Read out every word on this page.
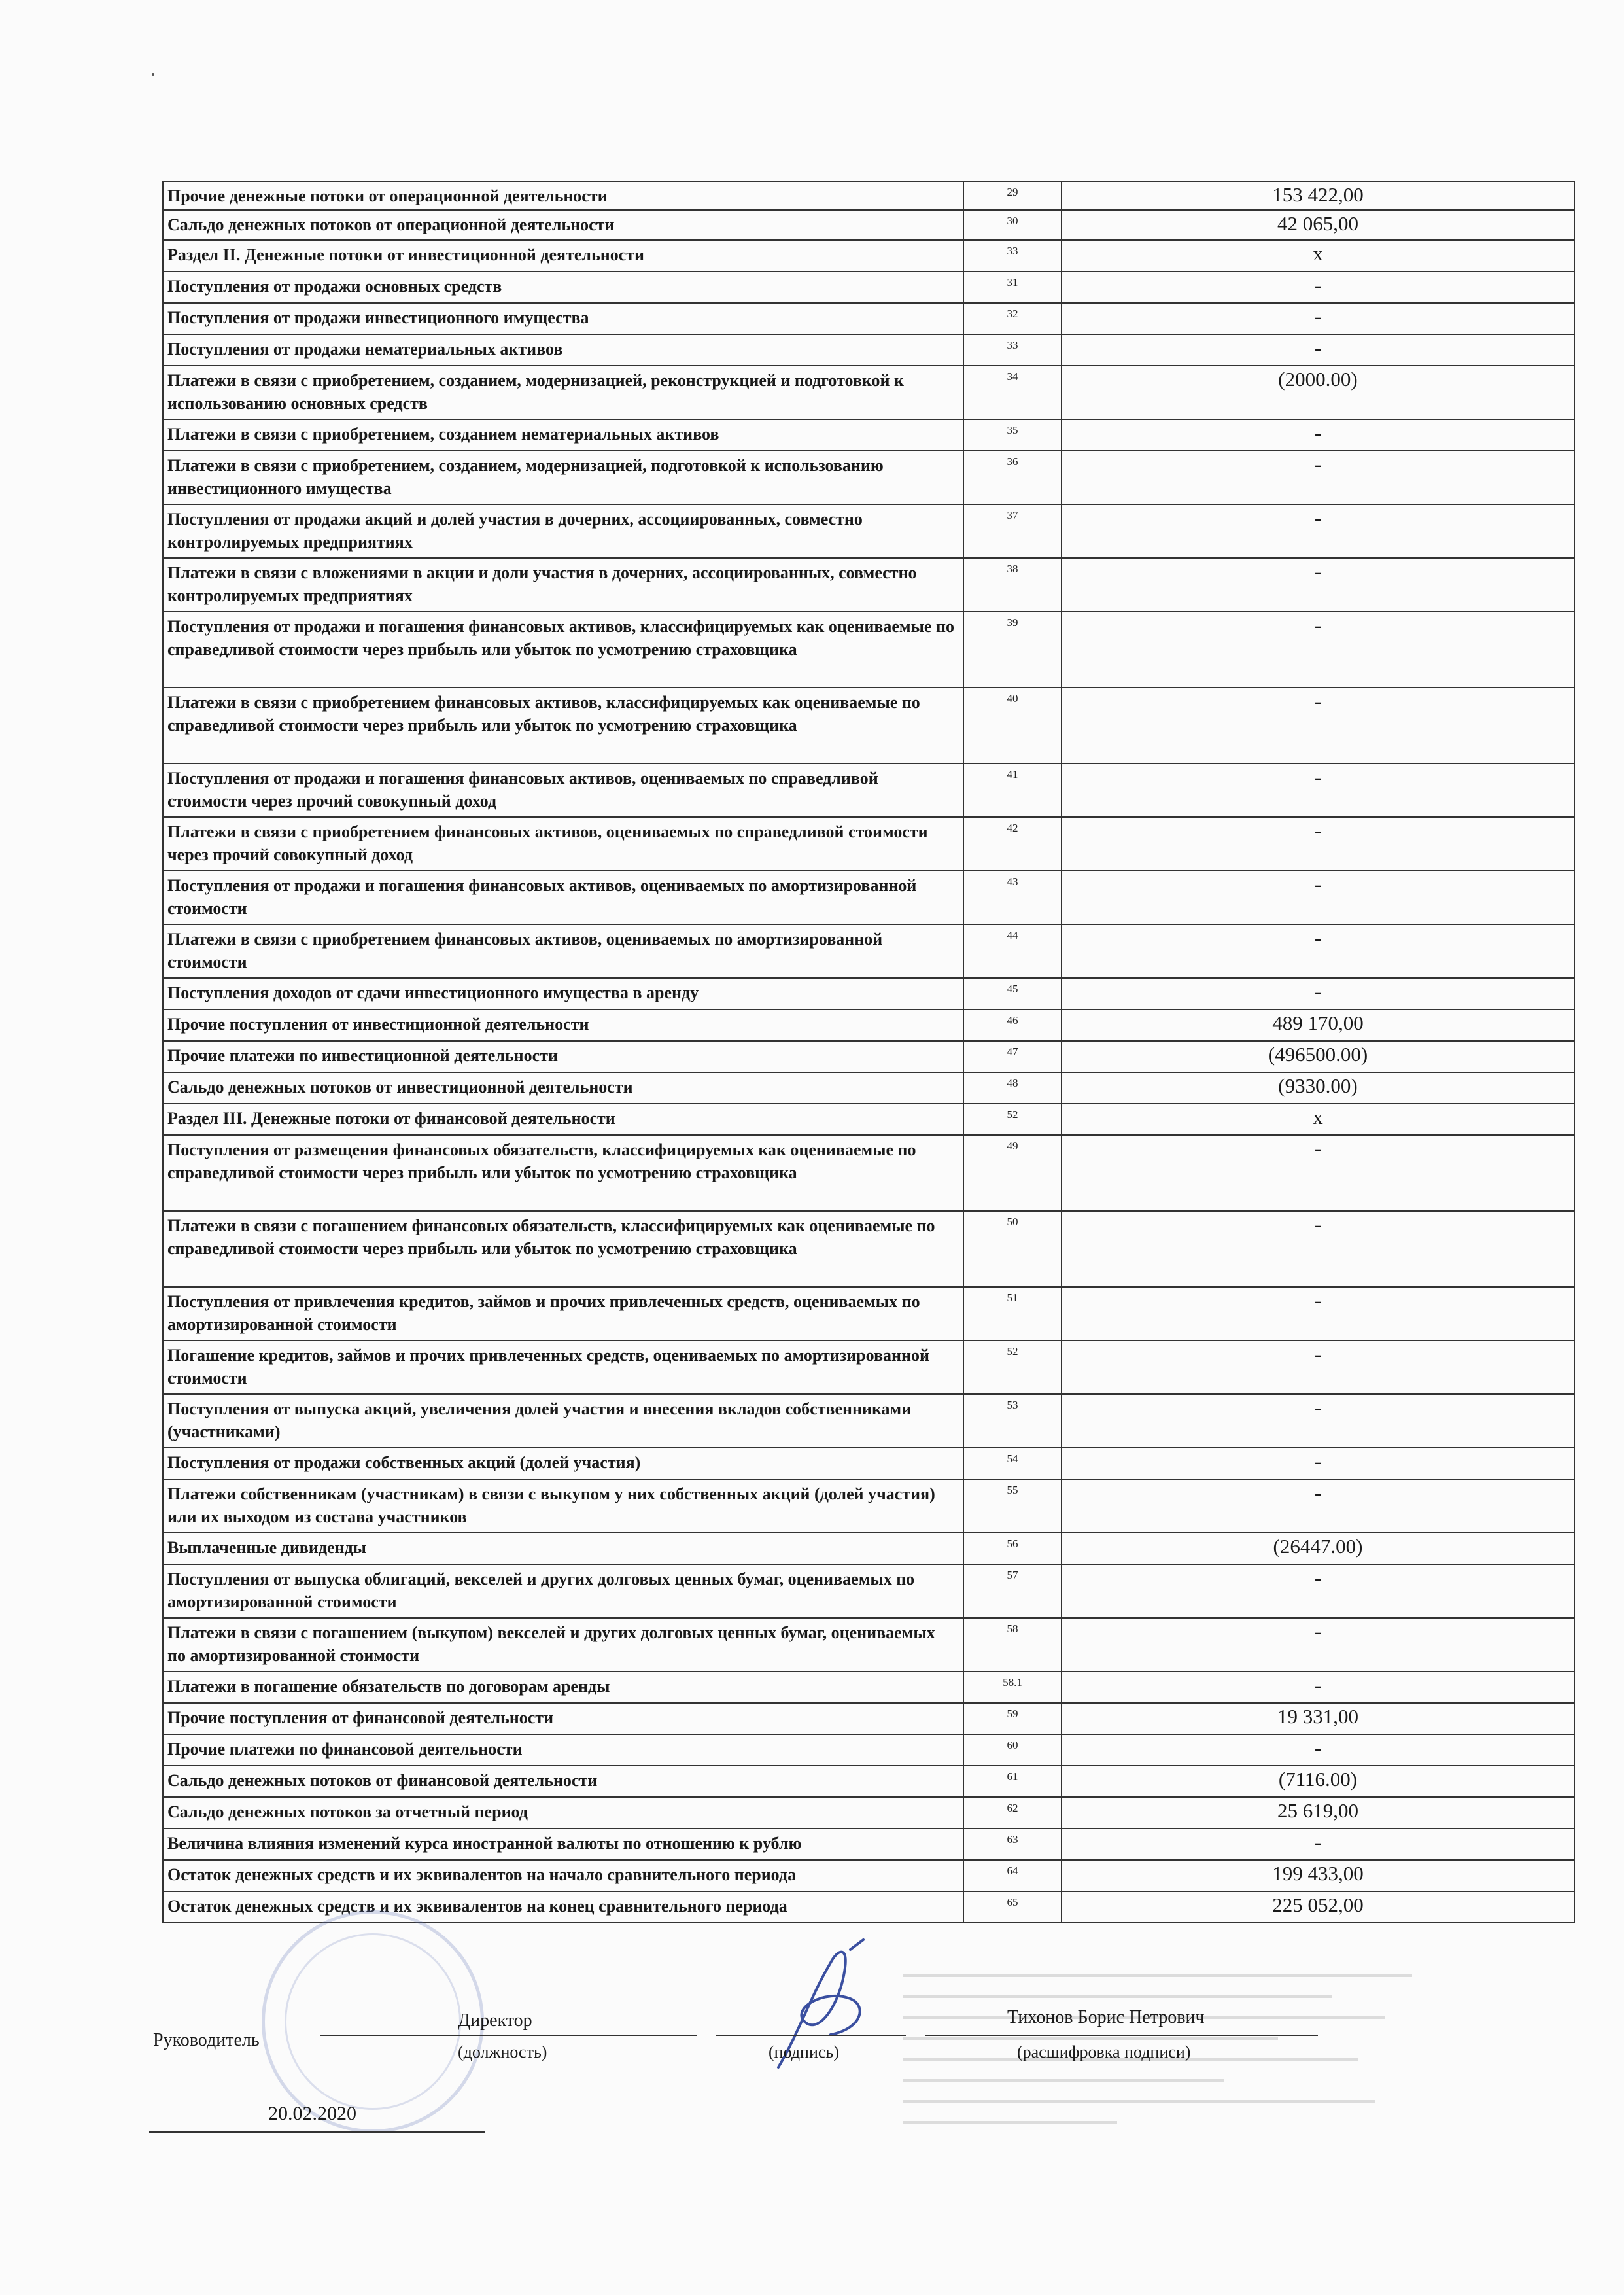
Прочие денежные потоки от операционной деятельности	29	153 422,00
Сальдо денежных потоков от операционной деятельности	30	42 065,00
Раздел II. Денежные потоки от инвестиционной деятельности	33	х
Поступления от продажи основных средств	31	-
Поступления от продажи инвестиционного имущества	32	-
Поступления от продажи нематериальных активов	33	-
Платежи в связи с приобретением, созданием, модернизацией, реконструкцией и подготовкой к использованию основных средств	34	(2000.00)
Платежи в связи с приобретением, созданием нематериальных активов	35	-
Платежи в связи с приобретением, созданием, модернизацией, подготовкой к использованию инвестиционного имущества	36	-
Поступления от продажи акций и долей участия в дочерних, ассоциированных, совместно контролируемых предприятиях	37	-
Платежи в связи с вложениями в акции и доли участия в дочерних, ассоциированных, совместно контролируемых предприятиях	38	-
Поступления от продажи и погашения финансовых активов, классифицируемых как оцениваемые по справедливой стоимости через прибыль или убыток по усмотрению страховщика	39	-
Платежи в связи с приобретением финансовых активов, классифицируемых как оцениваемые по справедливой стоимости через прибыль или убыток по усмотрению страховщика	40	-
Поступления от продажи и погашения финансовых активов, оцениваемых по справедливой стоимости через прочий совокупный доход	41	-
Платежи в связи с приобретением финансовых активов, оцениваемых по справедливой стоимости через прочий совокупный доход	42	-
Поступления от продажи и погашения финансовых активов, оцениваемых по амортизированной стоимости	43	-
Платежи в связи с приобретением финансовых активов, оцениваемых по амортизированной стоимости	44	-
Поступления доходов от сдачи инвестиционного имущества в аренду	45	-
Прочие поступления от инвестиционной деятельности	46	489 170,00
Прочие платежи по инвестиционной деятельности	47	(496500.00)
Сальдо денежных потоков от инвестиционной деятельности	48	(9330.00)
Раздел III. Денежные потоки от финансовой деятельности	52	х
Поступления от размещения финансовых обязательств, классифицируемых как оцениваемые по справедливой стоимости через прибыль или убыток по усмотрению страховщика	49	-
Платежи в связи с погашением финансовых обязательств, классифицируемых как оцениваемые по справедливой стоимости через прибыль или убыток по усмотрению страховщика	50	-
Поступления от привлечения кредитов, займов и прочих привлеченных средств, оцениваемых по амортизированной стоимости	51	-
Погашение кредитов, займов и прочих привлеченных средств, оцениваемых по амортизированной стоимости	52	-
Поступления от выпуска акций, увеличения долей участия и внесения вкладов собственниками (участниками)	53	-
Поступления от продажи собственных акций (долей участия)	54	-
Платежи собственникам (участникам) в связи с выкупом у них собственных акций (долей участия) или их выходом из состава участников	55	-
Выплаченные дивиденды	56	(26447.00)
Поступления от выпуска облигаций, векселей и других долговых ценных бумаг, оцениваемых по амортизированной стоимости	57	-
Платежи в связи с погашением (выкупом) векселей и других долговых ценных бумаг, оцениваемых по амортизированной стоимости	58	-
Платежи в погашение обязательств по договорам аренды	58.1	-
Прочие поступления от финансовой деятельности	59	19 331,00
Прочие платежи по финансовой деятельности	60	-
Сальдо денежных потоков от финансовой деятельности	61	(7116.00)
Сальдо денежных потоков за отчетный период	62	25 619,00
Величина влияния изменений курса иностранной валюты по отношению к рублю	63	-
Остаток денежных средств и их эквивалентов на начало сравнительного периода	64	199 433,00
Остаток денежных средств и их эквивалентов на конец сравнительного периода	65	225 052,00
Руководитель
Директор
(должность)	(подпись)
Тихонов Борис Петрович
(расшифровка подписи)
20.02.2020
